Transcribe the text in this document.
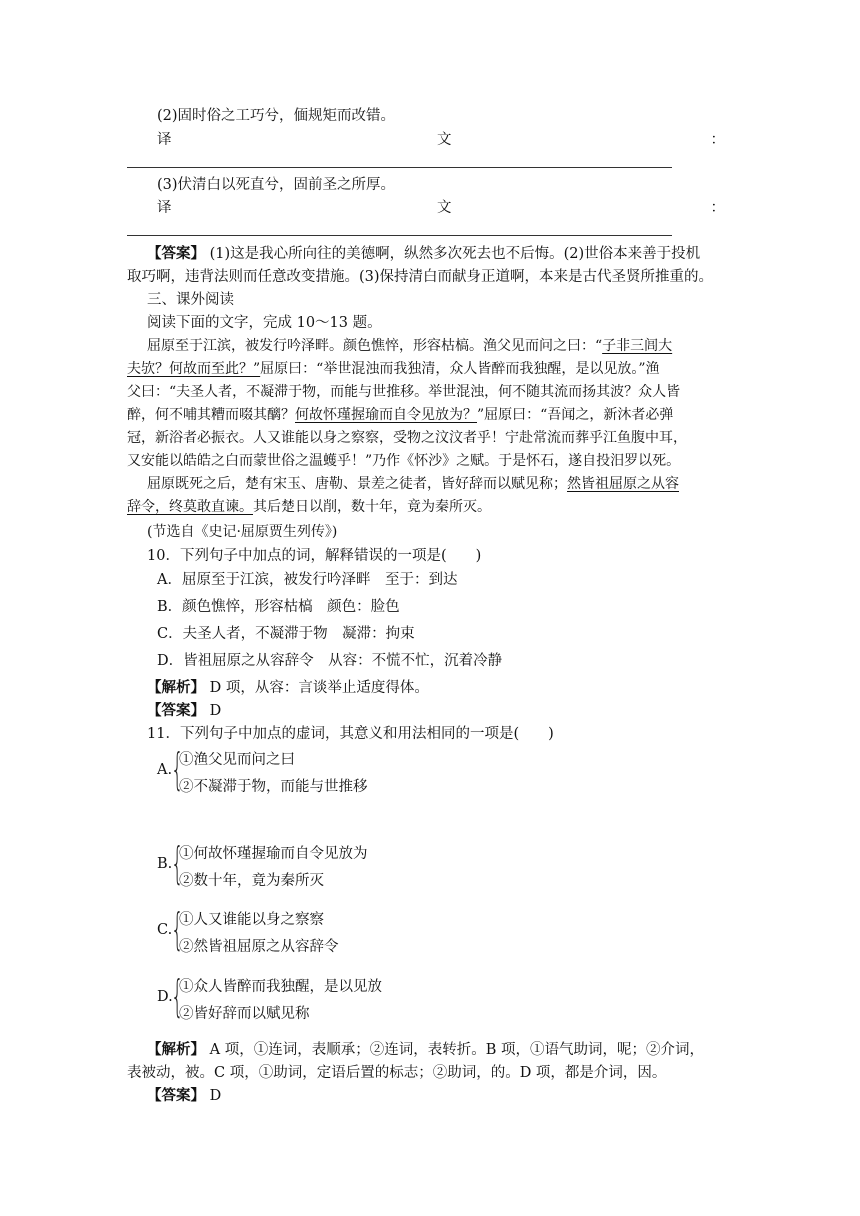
(2)固时俗之工巧兮，偭规矩而改错。
译	文	：
(3)伏清白以死直兮，固前圣之所厚。
译	文	：
【答案】 (1)这是我心所向往的美德啊，纵然多次死去也不后悔。(2)世俗本来善于投机
取巧啊，违背法则而任意改变措施。(3)保持清白而献身正道啊，本来是古代圣贤所推重的。
三、课外阅读
阅读下面的文字，完成 10～13 题。
屈原至于江滨，被发行吟泽畔。颜色憔悴，形容枯槁。渔父见而问之曰：“子非三闾大
夫欤？何故而至此？”屈原曰：“举世混浊而我独清，众人皆醉而我独醒，是以见放。”渔
父曰：“夫圣人者，不凝滞于物，而能与世推移。举世混浊，何不随其流而扬其波？众人皆
醉，何不哺其糟而啜其醨？何故怀瑾握瑜而自令见放为？”屈原曰：“吾闻之，新沐者必弹
冠，新浴者必振衣。人又谁能以身之察察，受物之汶汶者乎！宁赴常流而葬乎江鱼腹中耳，
又安能以皓皓之白而蒙世俗之温蠖乎！”乃作《怀沙》之赋。于是怀石，遂自投汨罗以死。
屈原既死之后，楚有宋玉、唐勒、景差之徒者，皆好辞而以赋见称；然皆祖屈原之从容
辞令，终莫敢直谏。其后楚日以削，数十年，竟为秦所灭。
(节选自《史记·屈原贾生列传》)
10．下列句子中加点的词，解释错误的一项是(　　)
A．屈原至于江滨，被发行吟泽畔　至于：到达
B．颜色憔悴，形容枯槁　颜色：脸色
C．夫圣人者，不凝滞于物　凝滞：拘束
D．皆祖屈原之从容辞令　从容：不慌不忙，沉着冷静
【解析】 D 项，从容：言谈举止适度得体。
【答案】 D
11．下列句子中加点的虚词，其意义和用法相同的一项是(　　)
A.
{
①渔父见而问之曰
②不凝滞于物，而能与世推移
B.
{
①何故怀瑾握瑜而自令见放为
②数十年，竟为秦所灭
C.
{
①人又谁能以身之察察
②然皆祖屈原之从容辞令
D.
{
①众人皆醉而我独醒，是以见放
②皆好辞而以赋见称
【解析】 A 项，①连词，表顺承；②连词，表转折。B 项，①语气助词，呢；②介词，
表被动，被。C 项，①助词，定语后置的标志；②助词，的。D 项，都是介词，因。
【答案】 D
